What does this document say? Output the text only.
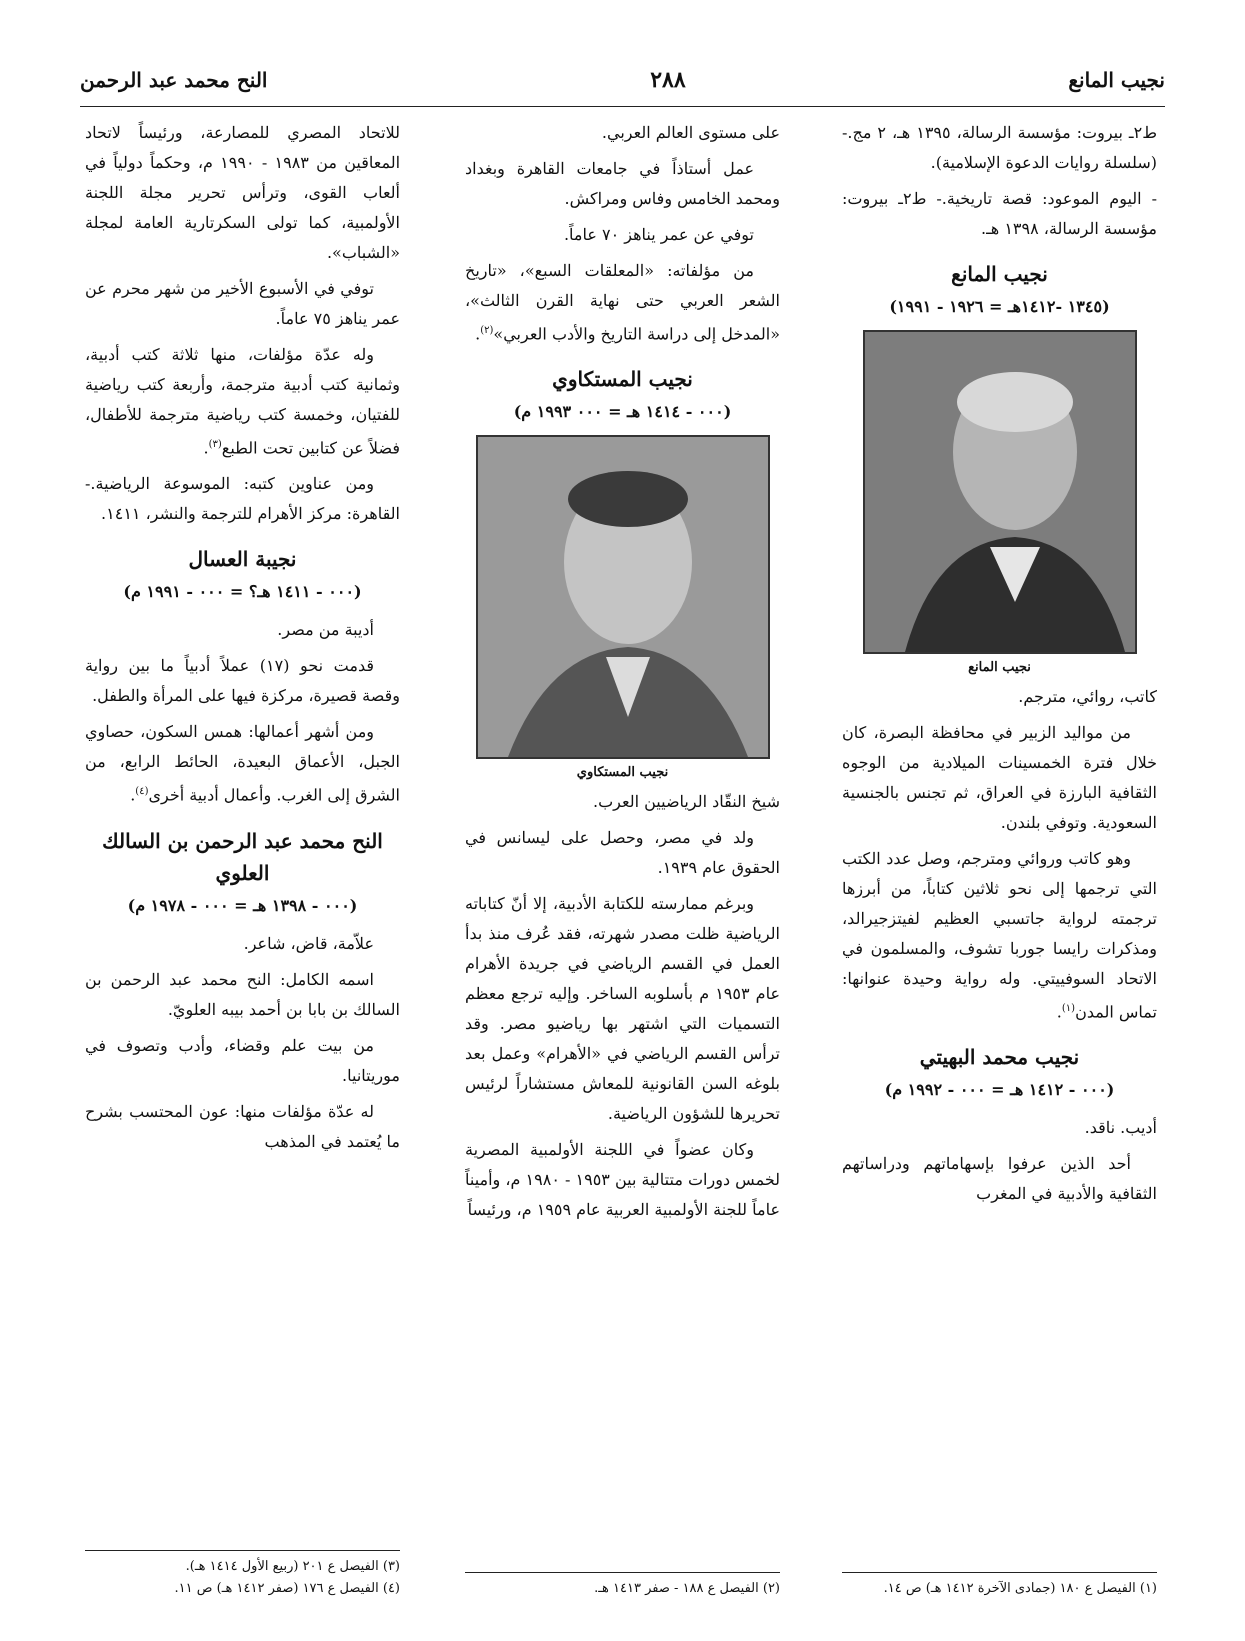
نجيب المانع
٢٨٨
النح محمد عبد الرحمن

ط٢ـ بيروت: مؤسسة الرسالة، ١٣٩٥ هـ، ٢ مج.- (سلسلة روايات الدعوة الإسلامية).

- اليوم الموعود: قصة تاريخية.- ط٢ـ بيروت: مؤسسة الرسالة، ١٣٩٨ هـ.

نجيب المانع
(١٣٤٥ -١٤١٢هـ = ١٩٢٦ - ١٩٩١)
نجيب المانع

كاتب، روائي، مترجم.

من مواليد الزبير في محافظة البصرة، كان خلال فترة الخمسينات الميلادية من الوجوه الثقافية البارزة في العراق، ثم تجنس بالجنسية السعودية. وتوفي بلندن.

وهو كاتب وروائي ومترجم، وصل عدد الكتب التي ترجمها إلى نحو ثلاثين كتاباً، من أبرزها ترجمته لرواية جاتسبي العظيم لفيتزجيرالد، ومذكرات رايسا جوربا تشوف، والمسلمون في الاتحاد السوفييتي. وله رواية وحيدة عنوانها: تماس المدن$^{(١)}$.

نجيب محمد البهيتي
(٠٠٠ - ١٤١٢ هـ = ٠٠٠ - ١٩٩٢ م)

أديب. ناقد.

أحد الذين عرفوا بإسهاماتهم ودراساتهم الثقافية والأدبية في المغرب

على مستوى العالم العربي.

عمل أستاذاً في جامعات القاهرة وبغداد ومحمد الخامس وفاس ومراكش.

توفي عن عمر يناهز ٧٠ عاماً.

من مؤلفاته: «المعلقات السبع»، «تاريخ الشعر العربي حتى نهاية القرن الثالث»، «المدخل إلى دراسة التاريخ والأدب العربي»$^{(٢)}$.

نجيب المستكاوي
(٠٠٠ - ١٤١٤ هـ = ٠٠٠ ١٩٩٣ م)
نجيب المستكاوي

شيخ النقّاد الرياضيين العرب.

ولد في مصر، وحصل على ليسانس في الحقوق عام ١٩٣٩.

وبرغم ممارسته للكتابة الأدبية، إلا أنّ كتاباته الرياضية ظلت مصدر شهرته، فقد عُرف منذ بدأ العمل في القسم الرياضي في جريدة الأهرام عام ١٩٥٣ م بأسلوبه الساخر. وإليه ترجع معظم التسميات التي اشتهر بها رياضيو مصر. وقد ترأس القسم الرياضي في «الأهرام» وعمل بعد بلوغه السن القانونية للمعاش مستشاراً لرئيس تحريرها للشؤون الرياضية.

وكان عضواً في اللجنة الأولمبية المصرية لخمس دورات متتالية بين ١٩٥٣ - ١٩٨٠ م، وأميناً عاماً للجنة الأولمبية العربية عام ١٩٥٩ م، ورئيساً

للاتحاد المصري للمصارعة، ورئيساً لاتحاد المعاقين من ١٩٨٣ - ١٩٩٠ م، وحكماً دولياً في ألعاب القوى، وترأس تحرير مجلة اللجنة الأولمبية، كما تولى السكرتارية العامة لمجلة «الشباب».

توفي في الأسبوع الأخير من شهر محرم عن عمر يناهز ٧٥ عاماً.

وله عدّة مؤلفات، منها ثلاثة كتب أدبية، وثمانية كتب أدبية مترجمة، وأربعة كتب رياضية للفتيان، وخمسة كتب رياضية مترجمة للأطفال، فضلاً عن كتابين تحت الطبع$^{(٣)}$.

ومن عناوين كتبه: الموسوعة الرياضية.- القاهرة: مركز الأهرام للترجمة والنشر، ١٤١١.

نجيبة العسال
(٠٠٠ - ١٤١١ هـ؟ = ٠٠٠ - ١٩٩١ م)

أديبة من مصر.

قدمت نحو (١٧) عملاً أدبياً ما بين رواية وقصة قصيرة، مركزة فيها على المرأة والطفل.

ومن أشهر أعمالها: همس السكون، حصاوي الجبل، الأعماق البعيدة، الحائط الرابع، من الشرق إلى الغرب. وأعمال أدبية أخرى$^{(٤)}$.

النح محمد عبد الرحمن بن السالك العلوي
(٠٠٠ - ١٣٩٨ هـ = ٠٠٠ - ١٩٧٨ م)

علاّمة، قاض، شاعر.

اسمه الكامل: النح محمد عبد الرحمن بن السالك بن بابا بن أحمد بيبه العلويّ.

من بيت علم وقضاء، وأدب وتصوف في موريتانيا.

له عدّة مؤلفات منها: عون المحتسب بشرح ما يُعتمد في المذهب

(١) الفيصل ع ١٨٠ (جمادى الآخرة ١٤١٢ هـ) ص ١٤.
(٢) الفيصل ع ١٨٨ - صفر ١٤١٣ هـ.
(٣) الفيصل ع ٢٠١ (ربيع الأول ١٤١٤ هـ).
(٤) الفيصل ع ١٧٦ (صفر ١٤١٢ هـ) ص ١١.
